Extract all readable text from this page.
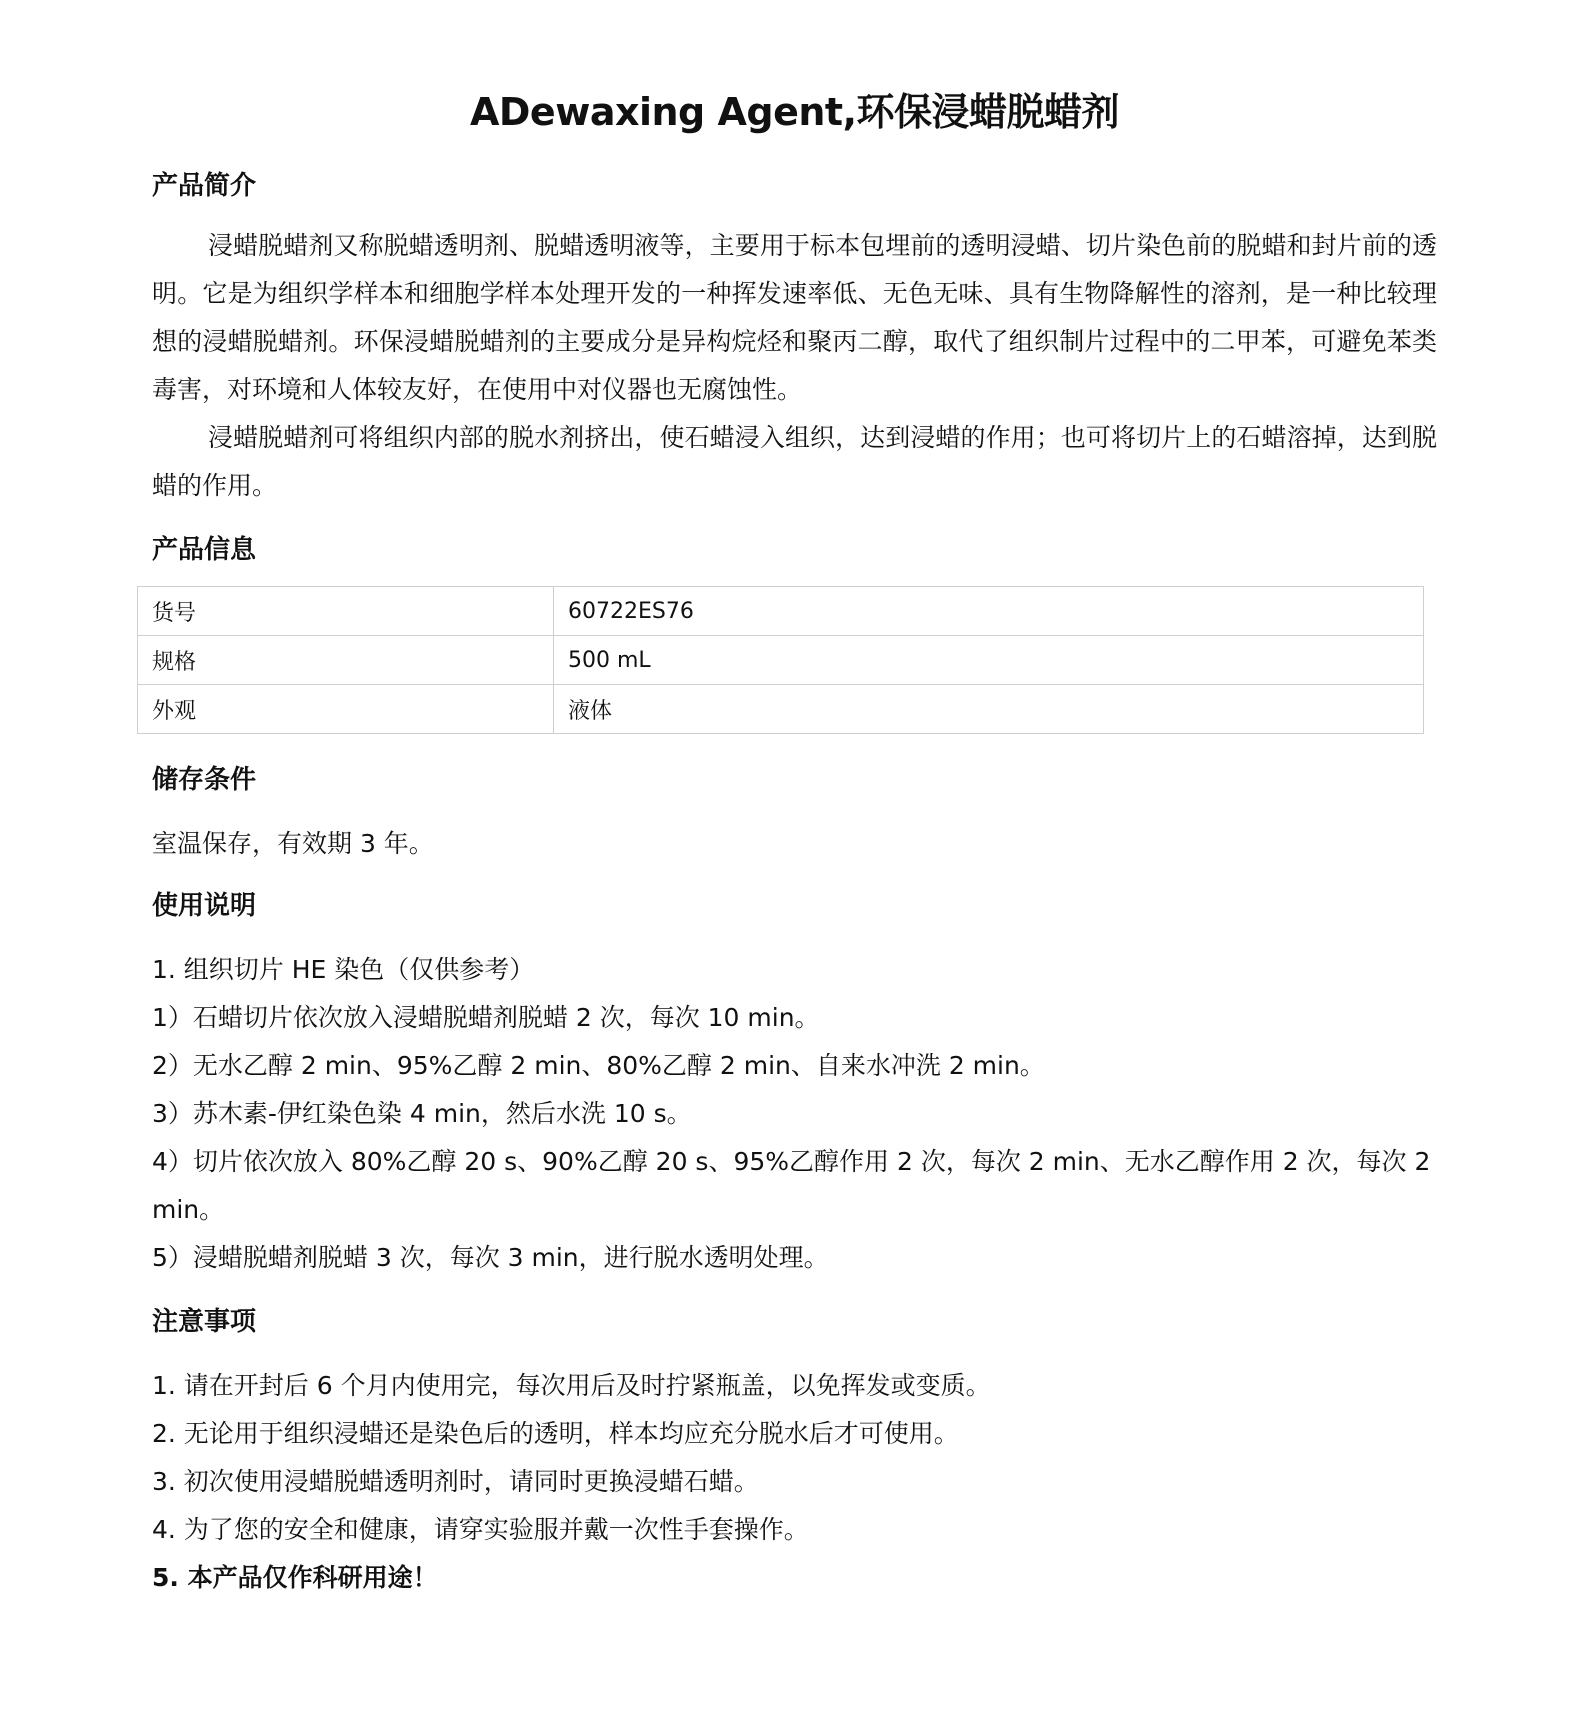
ADewaxing Agent,环保浸蜡脱蜡剂
产品简介

浸蜡脱蜡剂又称脱蜡透明剂、脱蜡透明液等，主要用于标本包埋前的透明浸蜡、切片染色前的脱蜡和封片前的透明。它是为组织学样本和细胞学样本处理开发的一种挥发速率低、无色无味、具有生物降解性的溶剂，是一种比较理想的浸蜡脱蜡剂。环保浸蜡脱蜡剂的主要成分是异构烷烃和聚丙二醇，取代了组织制片过程中的二甲苯，可避免苯类毒害，对环境和人体较友好，在使用中对仪器也无腐蚀性。

浸蜡脱蜡剂可将组织内部的脱水剂挤出，使石蜡浸入组织，达到浸蜡的作用；也可将切片上的石蜡溶掉，达到脱蜡的作用。

产品信息
货号	60722ES76
规格	500 mL
外观	液体
储存条件

室温保存，有效期 3 年。

使用说明

1. 组织切片 HE 染色（仅供参考）

1）石蜡切片依次放入浸蜡脱蜡剂脱蜡 2 次，每次 10 min。

2）无水乙醇 2 min、95%乙醇 2 min、80%乙醇 2 min、自来水冲洗 2 min。

3）苏木素-伊红染色染 4 min，然后水洗 10 s。

4）切片依次放入 80%乙醇 20 s、90%乙醇 20 s、95%乙醇作用 2 次，每次 2 min、无水乙醇作用 2 次，每次 2 min。

5）浸蜡脱蜡剂脱蜡 3 次，每次 3 min，进行脱水透明处理。

注意事项

1. 请在开封后 6 个月内使用完，每次用后及时拧紧瓶盖，以免挥发或变质。

2. 无论用于组织浸蜡还是染色后的透明，样本均应充分脱水后才可使用。

3. 初次使用浸蜡脱蜡透明剂时，请同时更换浸蜡石蜡。

4. 为了您的安全和健康，请穿实验服并戴一次性手套操作。

5. 本产品仅作科研用途！
